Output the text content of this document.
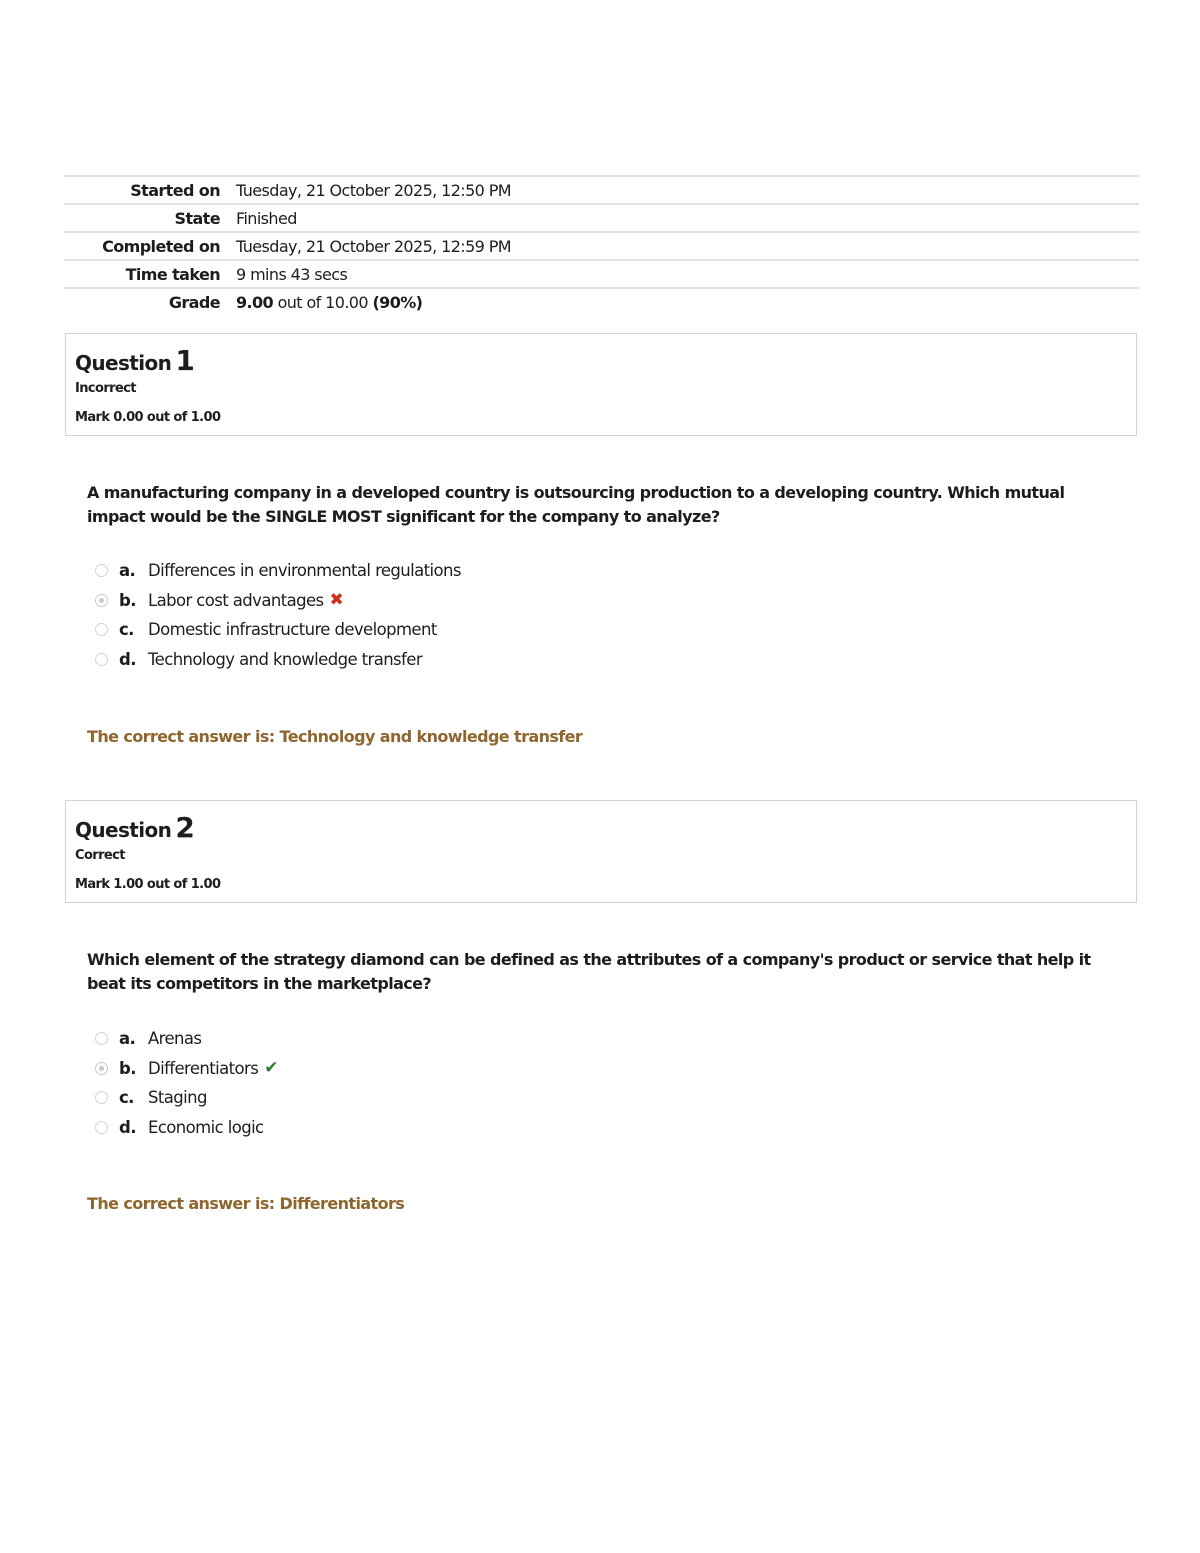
Started on	Tuesday, 21 October 2025, 12:50 PM
State	Finished
Completed on	Tuesday, 21 October 2025, 12:59 PM
Time taken	9 mins 43 secs
Grade	9.00 out of 10.00 (90%)
Question 1
Incorrect
Mark 0.00 out of 1.00
A manufacturing company in a developed country is outsourcing production to a developing country. Which mutual impact would be the SINGLE MOST significant for the company to analyze?
a. Differences in environmental regulations
b. Labor cost advantages ✖
c. Domestic infrastructure development
d. Technology and knowledge transfer
The correct answer is: Technology and knowledge transfer
Question 2
Correct
Mark 1.00 out of 1.00
Which element of the strategy diamond can be defined as the attributes of a company's product or service that help it beat its competitors in the marketplace?
a. Arenas
b. Differentiators ✔
c. Staging
d. Economic logic
The correct answer is: Differentiators
